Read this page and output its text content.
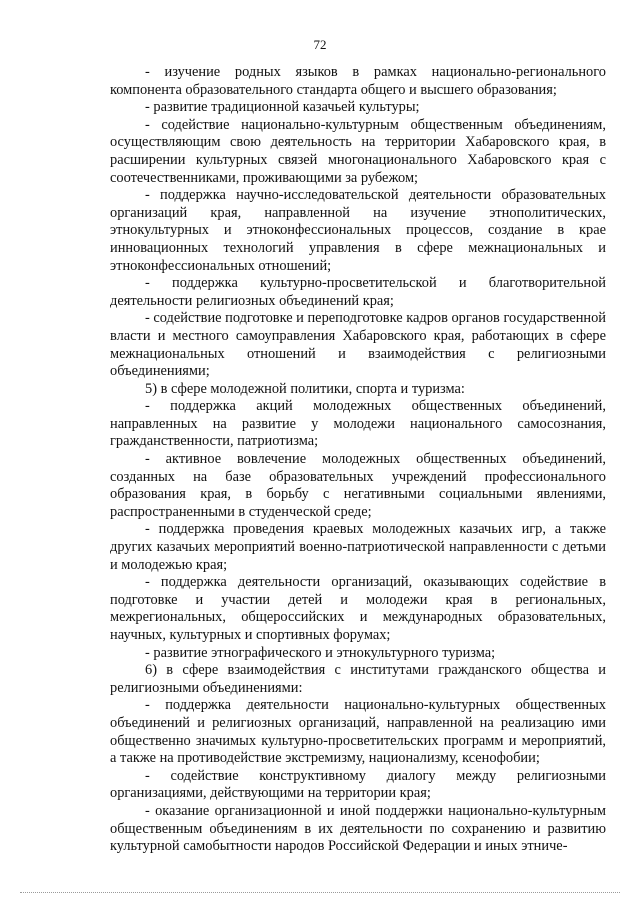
72

- изучение родных языков в рамках национально-регионального компонента образовательного стандарта общего и высшего образования;

- развитие традиционной казачьей культуры;

- содействие национально-культурным общественным объединениям, осуществляющим свою деятельность на территории Хабаровского края, в расширении культурных связей многонационального Хабаровского края с соотечественниками, проживающими за рубежом;

- поддержка научно-исследовательской деятельности образовательных организаций края, направленной на изучение этнополитических, этнокультурных и этноконфессиональных процессов, создание в крае инновационных технологий управления в сфере межнациональных и этноконфессиональных отношений;

- поддержка культурно-просветительской и благотворительной деятельности религиозных объединений края;

- содействие подготовке и переподготовке кадров органов государственной власти и местного самоуправления Хабаровского края, работающих в сфере межнациональных отношений и взаимодействия с религиозными объединениями;

5) в сфере молодежной политики, спорта и туризма:

- поддержка акций молодежных общественных объединений, направленных на развитие у молодежи национального самосознания, гражданственности, патриотизма;

- активное вовлечение молодежных общественных объединений, созданных на базе образовательных учреждений профессионального образования края, в борьбу с негативными социальными явлениями, распространенными в студенческой среде;

- поддержка проведения краевых молодежных казачьих игр, а также других казачьих мероприятий военно-патриотической направленности с детьми и молодежью края;

- поддержка деятельности организаций, оказывающих содействие в подготовке и участии детей и молодежи края в региональных, межрегиональных, общероссийских и международных образовательных, научных, культурных и спортивных форумах;

- развитие этнографического и этнокультурного туризма;

6) в сфере взаимодействия с институтами гражданского общества и религиозными объединениями:

- поддержка деятельности национально-культурных общественных объединений и религиозных организаций, направленной на реализацию ими общественно значимых культурно-просветительских программ и мероприятий, а также на противодействие экстремизму, национализму, ксенофобии;

- содействие конструктивному диалогу между религиозными организациями, действующими на территории края;

- оказание организационной и иной поддержки национально-культурным общественным объединениям в их деятельности по сохранению и развитию культурной самобытности народов Российской Федерации и иных этниче-
